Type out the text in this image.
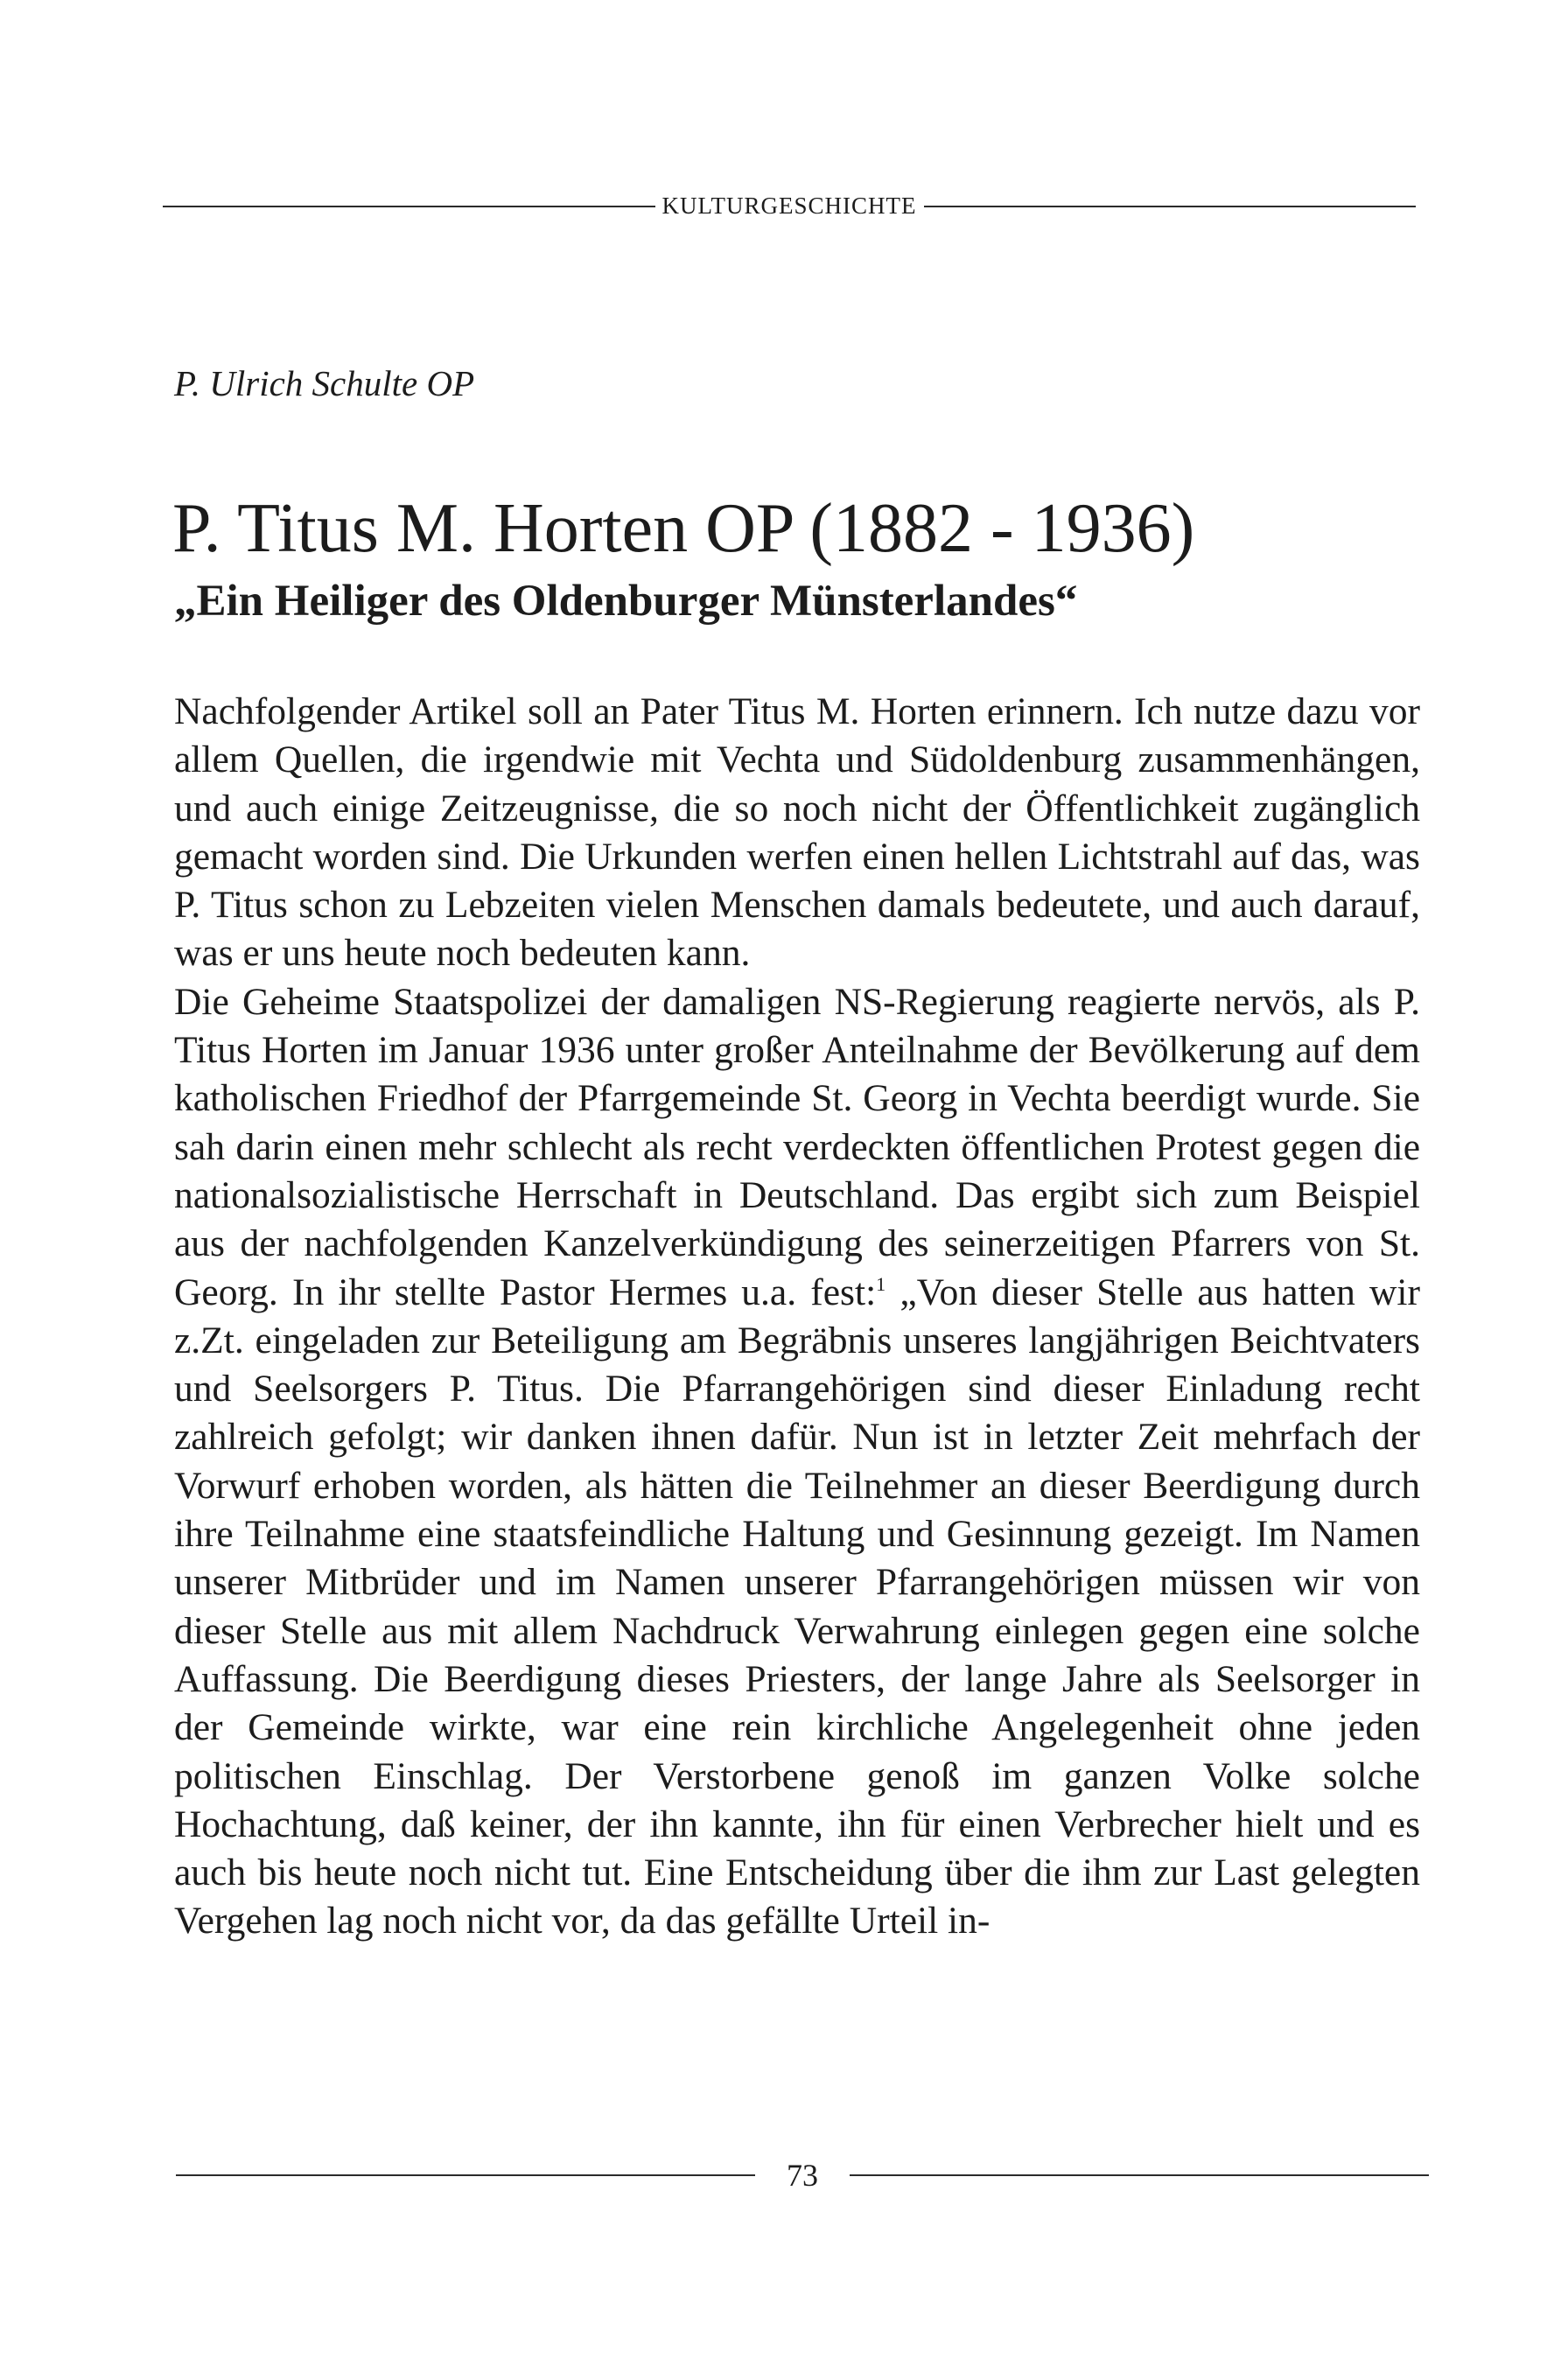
KULTURGESCHICHTE
P. Ulrich Schulte OP
P. Titus M. Horten OP (1882 - 1936)
„Ein Heiliger des Oldenburger Münsterlandes“

Nachfolgender Artikel soll an Pater Titus M. Horten erinnern. Ich nutze dazu vor allem Quellen, die irgendwie mit Vechta und Südoldenburg zusammenhängen, und auch einige Zeitzeugnisse, die so noch nicht der Öffentlichkeit zugänglich gemacht worden sind. Die Urkunden werfen einen hellen Lichtstrahl auf das, was P. Titus schon zu Lebzeiten vielen Menschen damals bedeutete, und auch darauf, was er uns heute noch bedeuten kann.

Die Geheime Staatspolizei der damaligen NS-Regierung reagierte nervös, als P. Titus Horten im Januar 1936 unter großer Anteilnahme der Bevölkerung auf dem katholischen Friedhof der Pfarrgemeinde St. Georg in Vechta beerdigt wurde. Sie sah darin einen mehr schlecht als recht verdeckten öffentlichen Protest gegen die nationalsozialistische Herrschaft in Deutschland. Das ergibt sich zum Beispiel aus der nachfolgenden Kanzelverkündigung des seinerzeitigen Pfarrers von St. Georg. In ihr stellte Pastor Hermes u.a. fest:$^1$ „Von dieser Stelle aus hatten wir z.Zt. eingeladen zur Beteiligung am Begräbnis unseres langjährigen Beichtvaters und Seelsorgers P. Titus. Die Pfarrangehörigen sind dieser Einladung recht zahlreich gefolgt; wir danken ihnen dafür. Nun ist in letzter Zeit mehrfach der Vorwurf erhoben worden, als hätten die Teilnehmer an dieser Beerdigung durch ihre Teilnahme eine staatsfeindliche Haltung und Gesinnung gezeigt. Im Namen unserer Mitbrüder und im Namen unserer Pfarrangehörigen müssen wir von dieser Stelle aus mit allem Nachdruck Verwahrung einlegen gegen eine solche Auffassung. Die Beerdigung dieses Priesters, der lange Jahre als Seelsorger in der Gemeinde wirkte, war eine rein kirchliche Angelegenheit ohne jeden politischen Einschlag. Der Verstorbene genoß im ganzen Volke solche Hochachtung, daß keiner, der ihn kannte, ihn für einen Verbrecher hielt und es auch bis heute noch nicht tut. Eine Entscheidung über die ihm zur Last gelegten Vergehen lag noch nicht vor, da das gefällte Urteil in-

73
